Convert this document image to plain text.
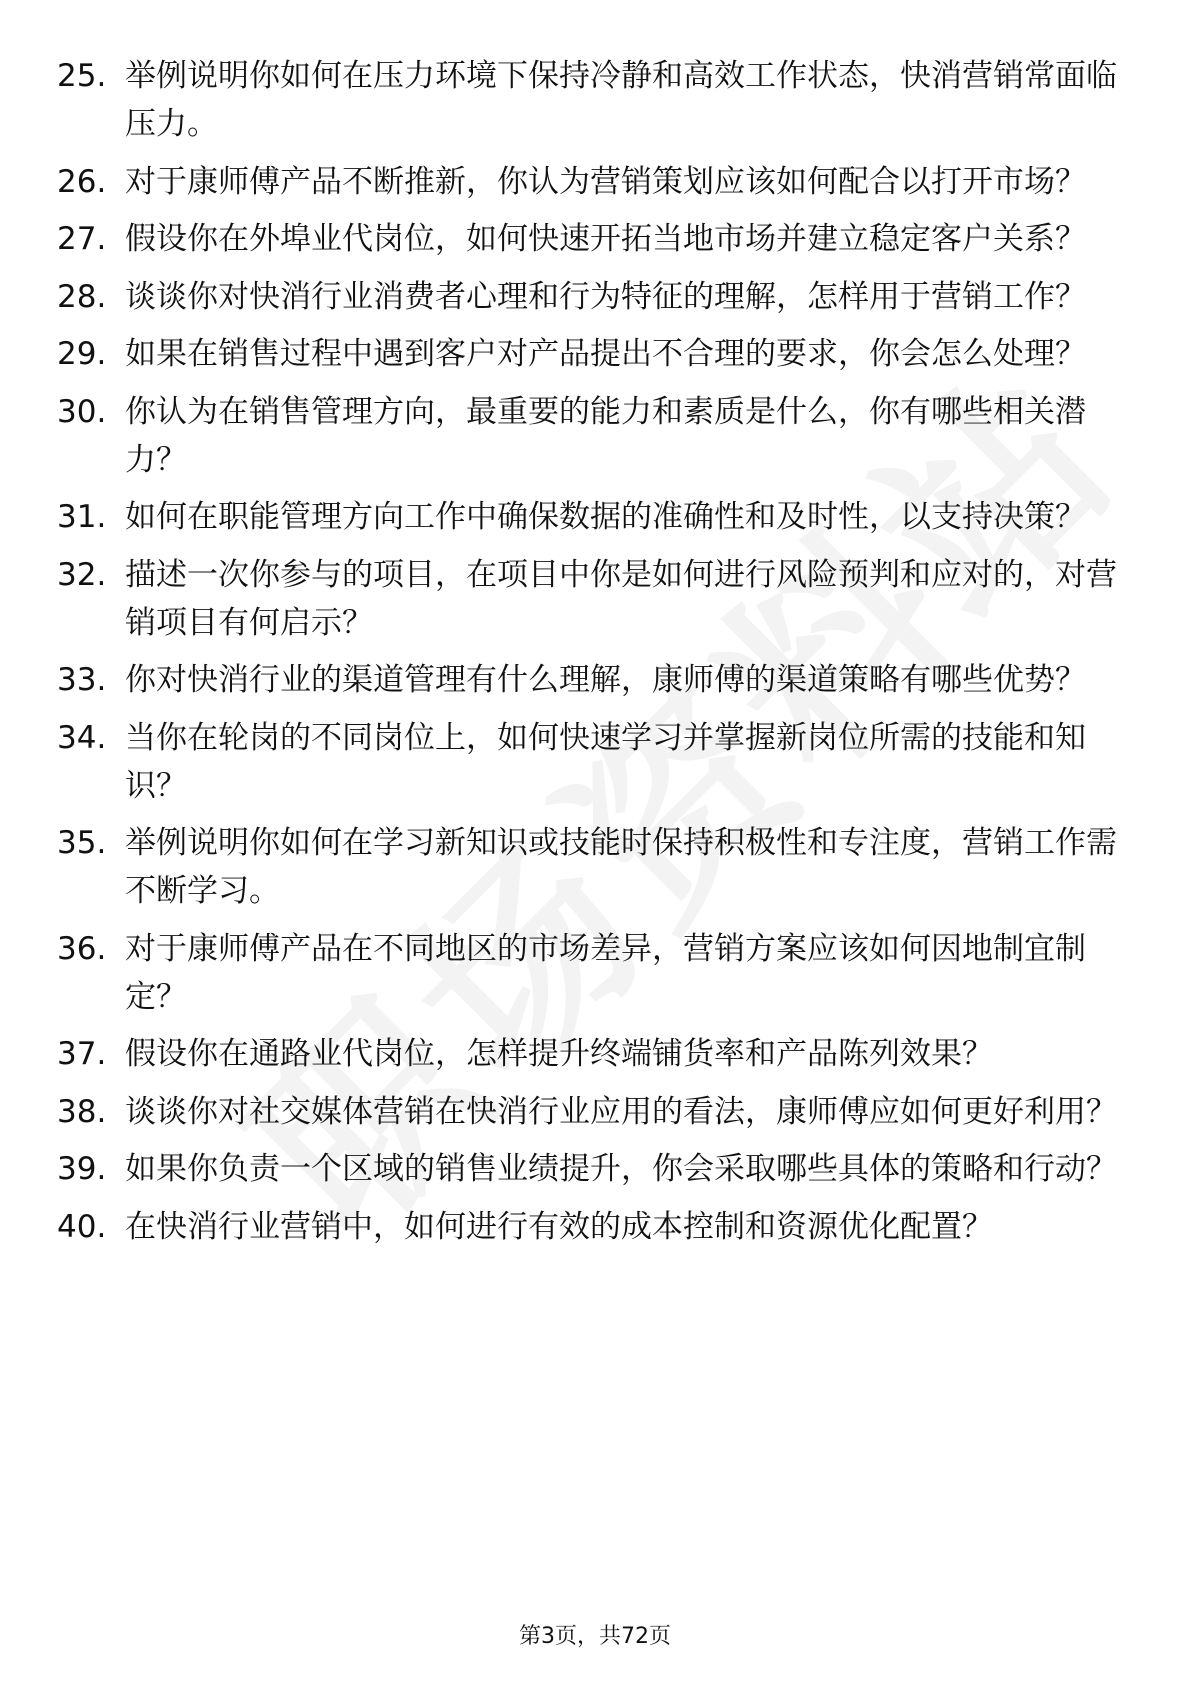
25. 举例说明你如何在压力环境下保持冷静和高效工作状态，快消营销常面临压力。
26. 对于康师傅产品不断推新，你认为营销策划应该如何配合以打开市场？
27. 假设你在外埠业代岗位，如何快速开拓当地市场并建立稳定客户关系？
28. 谈谈你对快消行业消费者心理和行为特征的理解，怎样用于营销工作？
29. 如果在销售过程中遇到客户对产品提出不合理的要求，你会怎么处理？
30. 你认为在销售管理方向，最重要的能力和素质是什么，你有哪些相关潜力？
31. 如何在职能管理方向工作中确保数据的准确性和及时性，以支持决策？
32. 描述一次你参与的项目，在项目中你是如何进行风险预判和应对的，对营销项目有何启示？
33. 你对快消行业的渠道管理有什么理解，康师傅的渠道策略有哪些优势？
34. 当你在轮岗的不同岗位上，如何快速学习并掌握新岗位所需的技能和知识？
35. 举例说明你如何在学习新知识或技能时保持积极性和专注度，营销工作需不断学习。
36. 对于康师傅产品在不同地区的市场差异，营销方案应该如何因地制宜制定？
37. 假设你在通路业代岗位，怎样提升终端铺货率和产品陈列效果？
38. 谈谈你对社交媒体营销在快消行业应用的看法，康师傅应如何更好利用？
39. 如果你负责一个区域的销售业绩提升，你会采取哪些具体的策略和行动？
40. 在快消行业营销中，如何进行有效的成本控制和资源优化配置？
第3页，共72页
